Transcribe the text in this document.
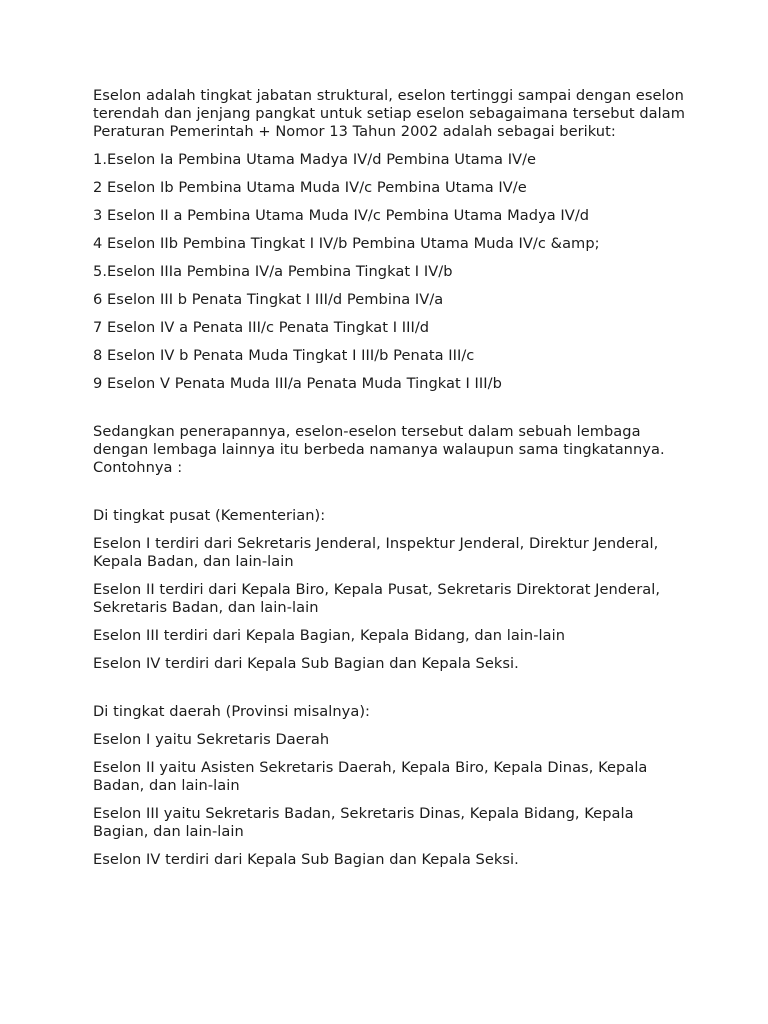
Eselon adalah tingkat jabatan struktural, eselon tertinggi sampai dengan eselon terendah dan jenjang pangkat untuk setiap eselon sebagaimana tersebut dalam Peraturan Pemerintah + Nomor 13 Tahun 2002 adalah sebagai berikut:

1.Eselon Ia Pembina Utama Madya IV/d Pembina Utama IV/e
2 Eselon Ib Pembina Utama Muda IV/c Pembina Utama IV/e
3 Eselon II a Pembina Utama Muda IV/c Pembina Utama Madya IV/d
4 Eselon IIb Pembina Tingkat I IV/b Pembina Utama Muda IV/c &amp;
5.Eselon IIIa Pembina IV/a Pembina Tingkat I IV/b
6 Eselon III b Penata Tingkat I III/d Pembina IV/a
7 Eselon IV a Penata III/c Penata Tingkat I III/d
8 Eselon IV b Penata Muda Tingkat I III/b Penata III/c
9 Eselon V Penata Muda III/a Penata Muda Tingkat I III/b

Sedangkan penerapannya, eselon-eselon tersebut dalam sebuah lembaga dengan lembaga lainnya itu berbeda namanya walaupun sama tingkatannya. Contohnya :

Di tingkat pusat (Kementerian):

Eselon I terdiri dari Sekretaris Jenderal, Inspektur Jenderal, Direktur Jenderal, Kepala Badan, dan lain-lain

Eselon II terdiri dari Kepala Biro, Kepala Pusat, Sekretaris Direktorat Jenderal, Sekretaris Badan, dan lain-lain

Eselon III terdiri dari Kepala Bagian, Kepala Bidang, dan lain-lain

Eselon IV terdiri dari Kepala Sub Bagian dan Kepala Seksi.

Di tingkat daerah (Provinsi misalnya):

Eselon I yaitu Sekretaris Daerah

Eselon II yaitu Asisten Sekretaris Daerah, Kepala Biro, Kepala Dinas, Kepala Badan, dan lain-lain

Eselon III yaitu Sekretaris Badan, Sekretaris Dinas, Kepala Bidang, Kepala Bagian, dan lain-lain

Eselon IV terdiri dari Kepala Sub Bagian dan Kepala Seksi.
